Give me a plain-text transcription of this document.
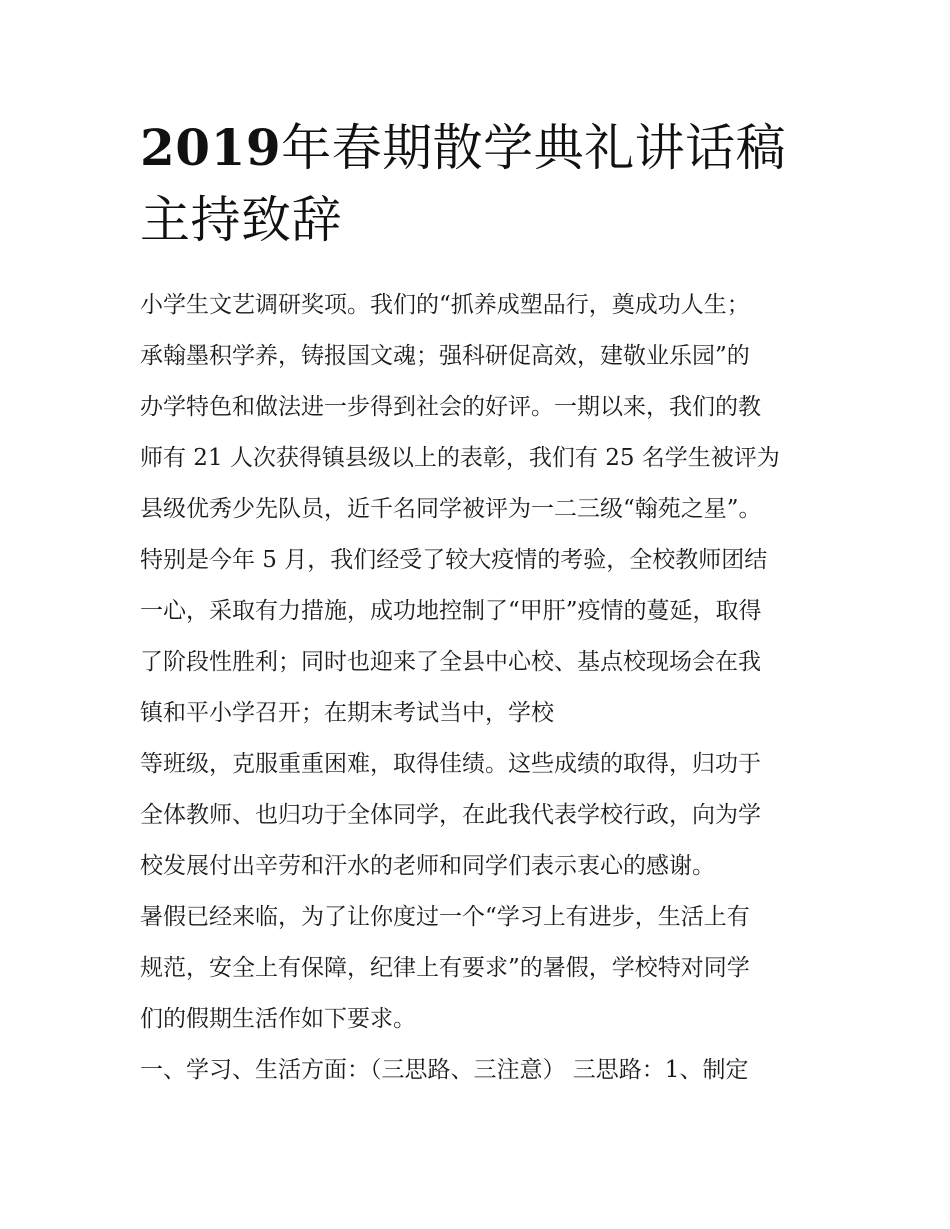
2019年春期散学典礼讲话稿主持致辞
小学生文艺调研奖项。我们的“抓养成塑品行，奠成功人生；
承翰墨积学养，铸报国文魂；强科研促高效，建敬业乐园”的
办学特色和做法进一步得到社会的好评。一期以来，我们的教
师有 21 人次获得镇县级以上的表彰，我们有 25 名学生被评为
县级优秀少先队员，近千名同学被评为一二三级“翰苑之星”。
特别是今年 5 月，我们经受了较大疫情的考验，全校教师团结
一心，采取有力措施，成功地控制了“甲肝”疫情的蔓延，取得
了阶段性胜利；同时也迎来了全县中心校、基点校现场会在我
镇和平小学召开；在期末考试当中，学校
等班级，克服重重困难，取得佳绩。这些成绩的取得，归功于
全体教师、也归功于全体同学，在此我代表学校行政，向为学
校发展付出辛劳和汗水的老师和同学们表示衷心的感谢。
暑假已经来临，为了让你度过一个“学习上有进步，生活上有
规范，安全上有保障，纪律上有要求”的暑假，学校特对同学
们的假期生活作如下要求。
一、学习、生活方面：（三思路、三注意） 三思路：1、制定
